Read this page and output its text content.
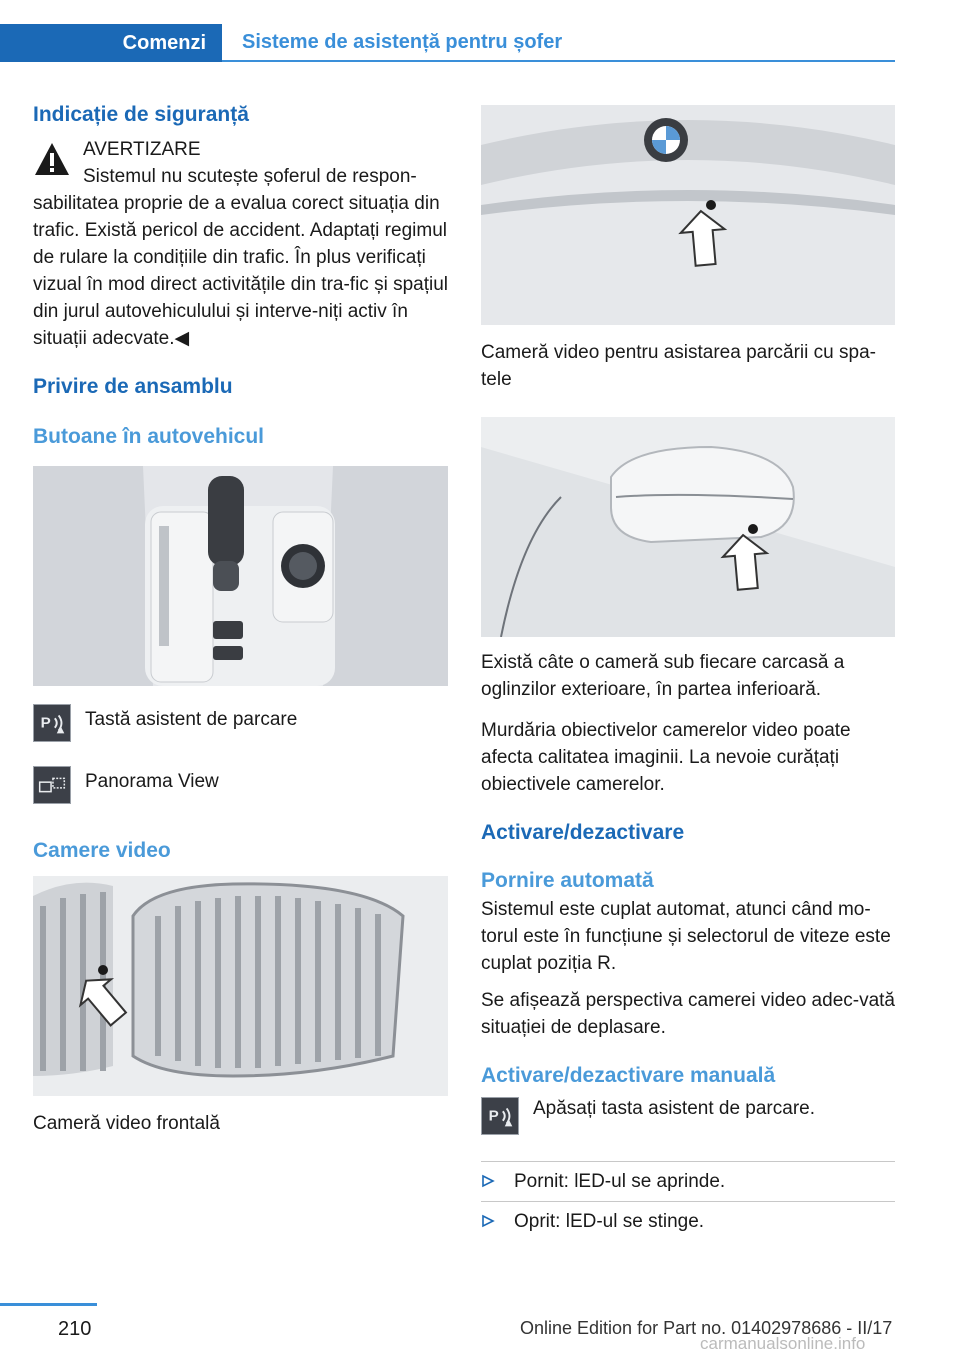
Comenzi	Sisteme de asistență pentru șofer
Indicație de siguranță
AVERTIZARE
Sistemul nu scutește șoferul de respon‐

sabilitatea proprie de a evalua corect situația din trafic. Există pericol de accident. Adaptați regimul de rulare la condițiile din trafic. În plus verificați vizual în mod direct activitățile din tra‐fic și spațiul din jurul autovehiculului și interve‐niți activ în situații adecvate.◀

Privire de ansamblu
Butoane în autovehicul
P Tastă asistent de parcare
Panorama View
Camere video
Cameră video frontală

Cameră video pentru asistarea parcării cu spa‐tele

Există câte o cameră sub fiecare carcasă a oglinzilor exterioare, în partea inferioară.

Murdăria obiectivelor camerelor video poate afecta calitatea imaginii. La nevoie curățați obiectivele camerelor.

Activare/dezactivare
Pornire automată

Sistemul este cuplat automat, atunci când mo‐torul este în funcțiune și selectorul de viteze este cuplat poziția R.

Se afișează perspectiva camerei video adec‐vată situației de deplasare.

Activare/dezactivare manuală
P Apăsați tasta asistent de parcare.
Pornit: lED-ul se aprinde.
Oprit: lED-ul se stinge.
210	Online Edition for Part no. 01402978686 - II/17
carmanualsonline.info
